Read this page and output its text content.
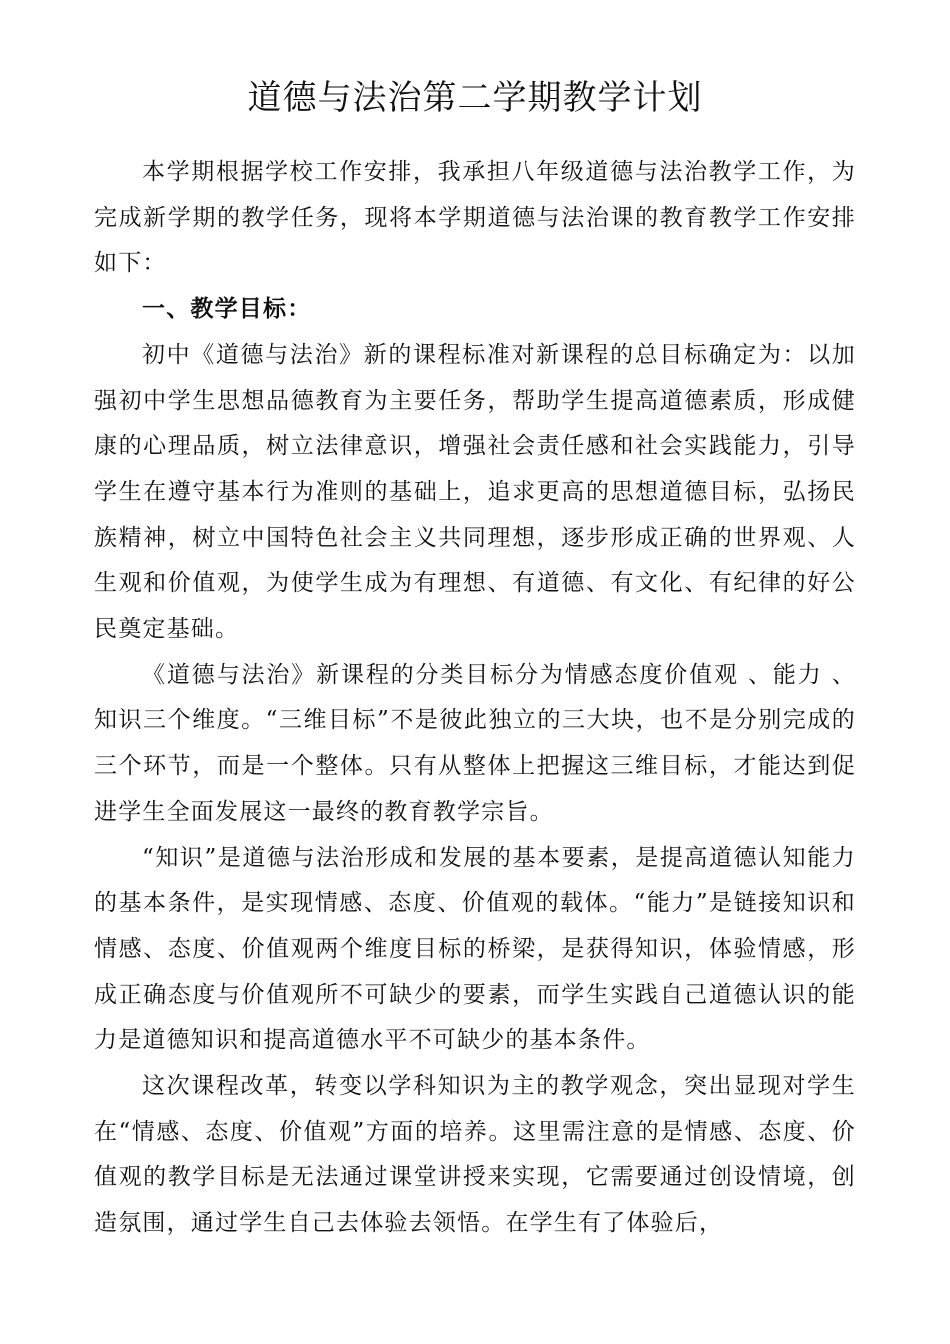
道德与法治第二学期教学计划

本学期根据学校工作安排，我承担八年级道德与法治教学工作，为完成新学期的教学任务，现将本学期道德与法治课的教育教学工作安排如下：

一、教学目标：

初中《道德与法治》新的课程标准对新课程的总目标确定为：以加强初中学生思想品德教育为主要任务，帮助学生提高道德素质，形成健康的心理品质，树立法律意识，增强社会责任感和社会实践能力，引导学生在遵守基本行为准则的基础上，追求更高的思想道德目标，弘扬民族精神，树立中国特色社会主义共同理想，逐步形成正确的世界观、人生观和价值观，为使学生成为有理想、有道德、有文化、有纪律的好公民奠定基础。

《道德与法治》新课程的分类目标分为情感态度价值观 、能力 、知识三个维度。“三维目标”不是彼此独立的三大块，也不是分别完成的三个环节，而是一个整体。只有从整体上把握这三维目标，才能达到促进学生全面发展这一最终的教育教学宗旨。

“知识”是道德与法治形成和发展的基本要素，是提高道德认知能力的基本条件，是实现情感、态度、价值观的载体。“能力”是链接知识和情感、态度、价值观两个维度目标的桥梁，是获得知识，体验情感，形成正确态度与价值观所不可缺少的要素，而学生实践自己道德认识的能力是道德知识和提高道德水平不可缺少的基本条件。

这次课程改革，转变以学科知识为主的教学观念，突出显现对学生在“情感、态度、价值观”方面的培养。这里需注意的是情感、态度、价值观的教学目标是无法通过课堂讲授来实现，它需要通过创设情境，创造氛围，通过学生自己去体验去领悟。在学生有了体验后，
